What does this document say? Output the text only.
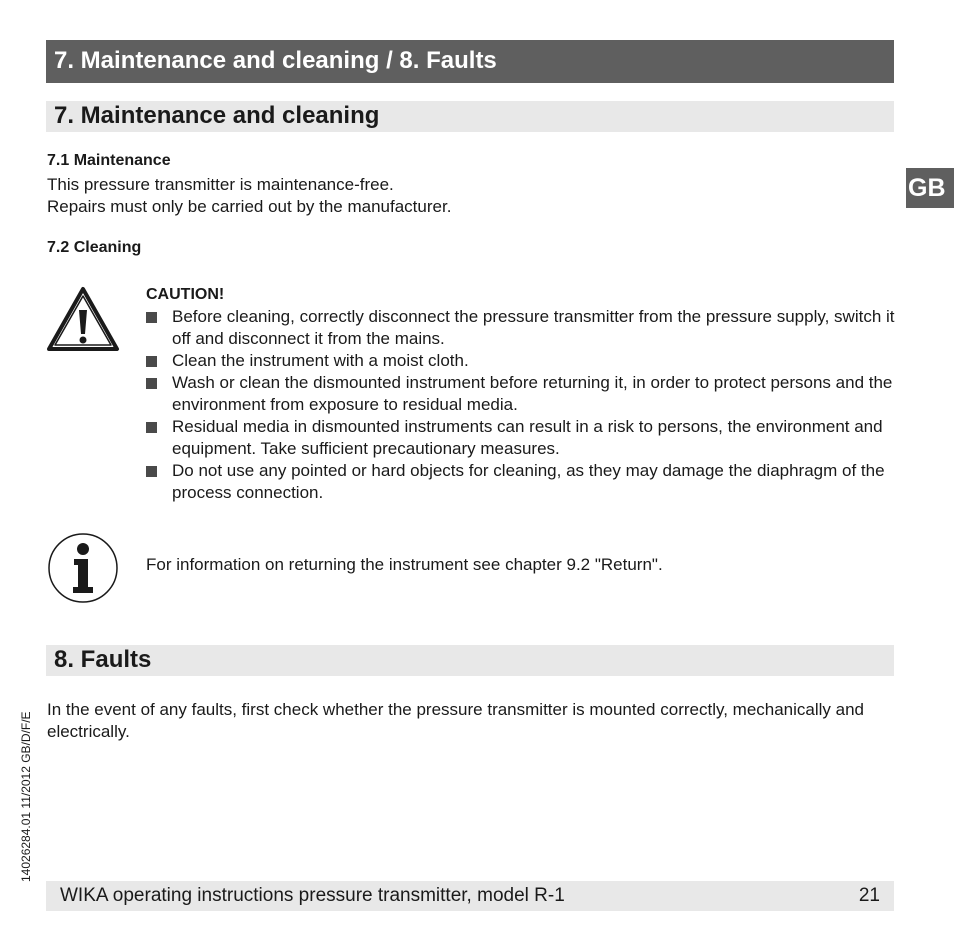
7. Maintenance and cleaning / 8. Faults
GB
7. Maintenance and cleaning
7.1 Maintenance
This pressure transmitter is maintenance-free.
Repairs must only be carried out by the manufacturer.
7.2 Cleaning
CAUTION!
Before cleaning, correctly disconnect the pressure transmitter from the pressure supply, switch it off and disconnect it from the mains.
Clean the instrument with a moist cloth.
Wash or clean the dismounted instrument before returning it, in order to protect persons and the environment from exposure to residual media.
Residual media in dismounted instruments can result in a risk to persons, the environment and equipment. Take sufficient precautionary measures.
Do not use any pointed or hard objects for cleaning, as they may damage the diaphragm of the process connection.
For information on returning the instrument see chapter 9.2 "Return".
8. Faults
In the event of any faults, first check whether the pressure transmitter is mounted correctly, mechanically and electrically.
14026284.01 11/2012 GB/D/F/E
WIKA operating instructions pressure transmitter, model R-1	21
